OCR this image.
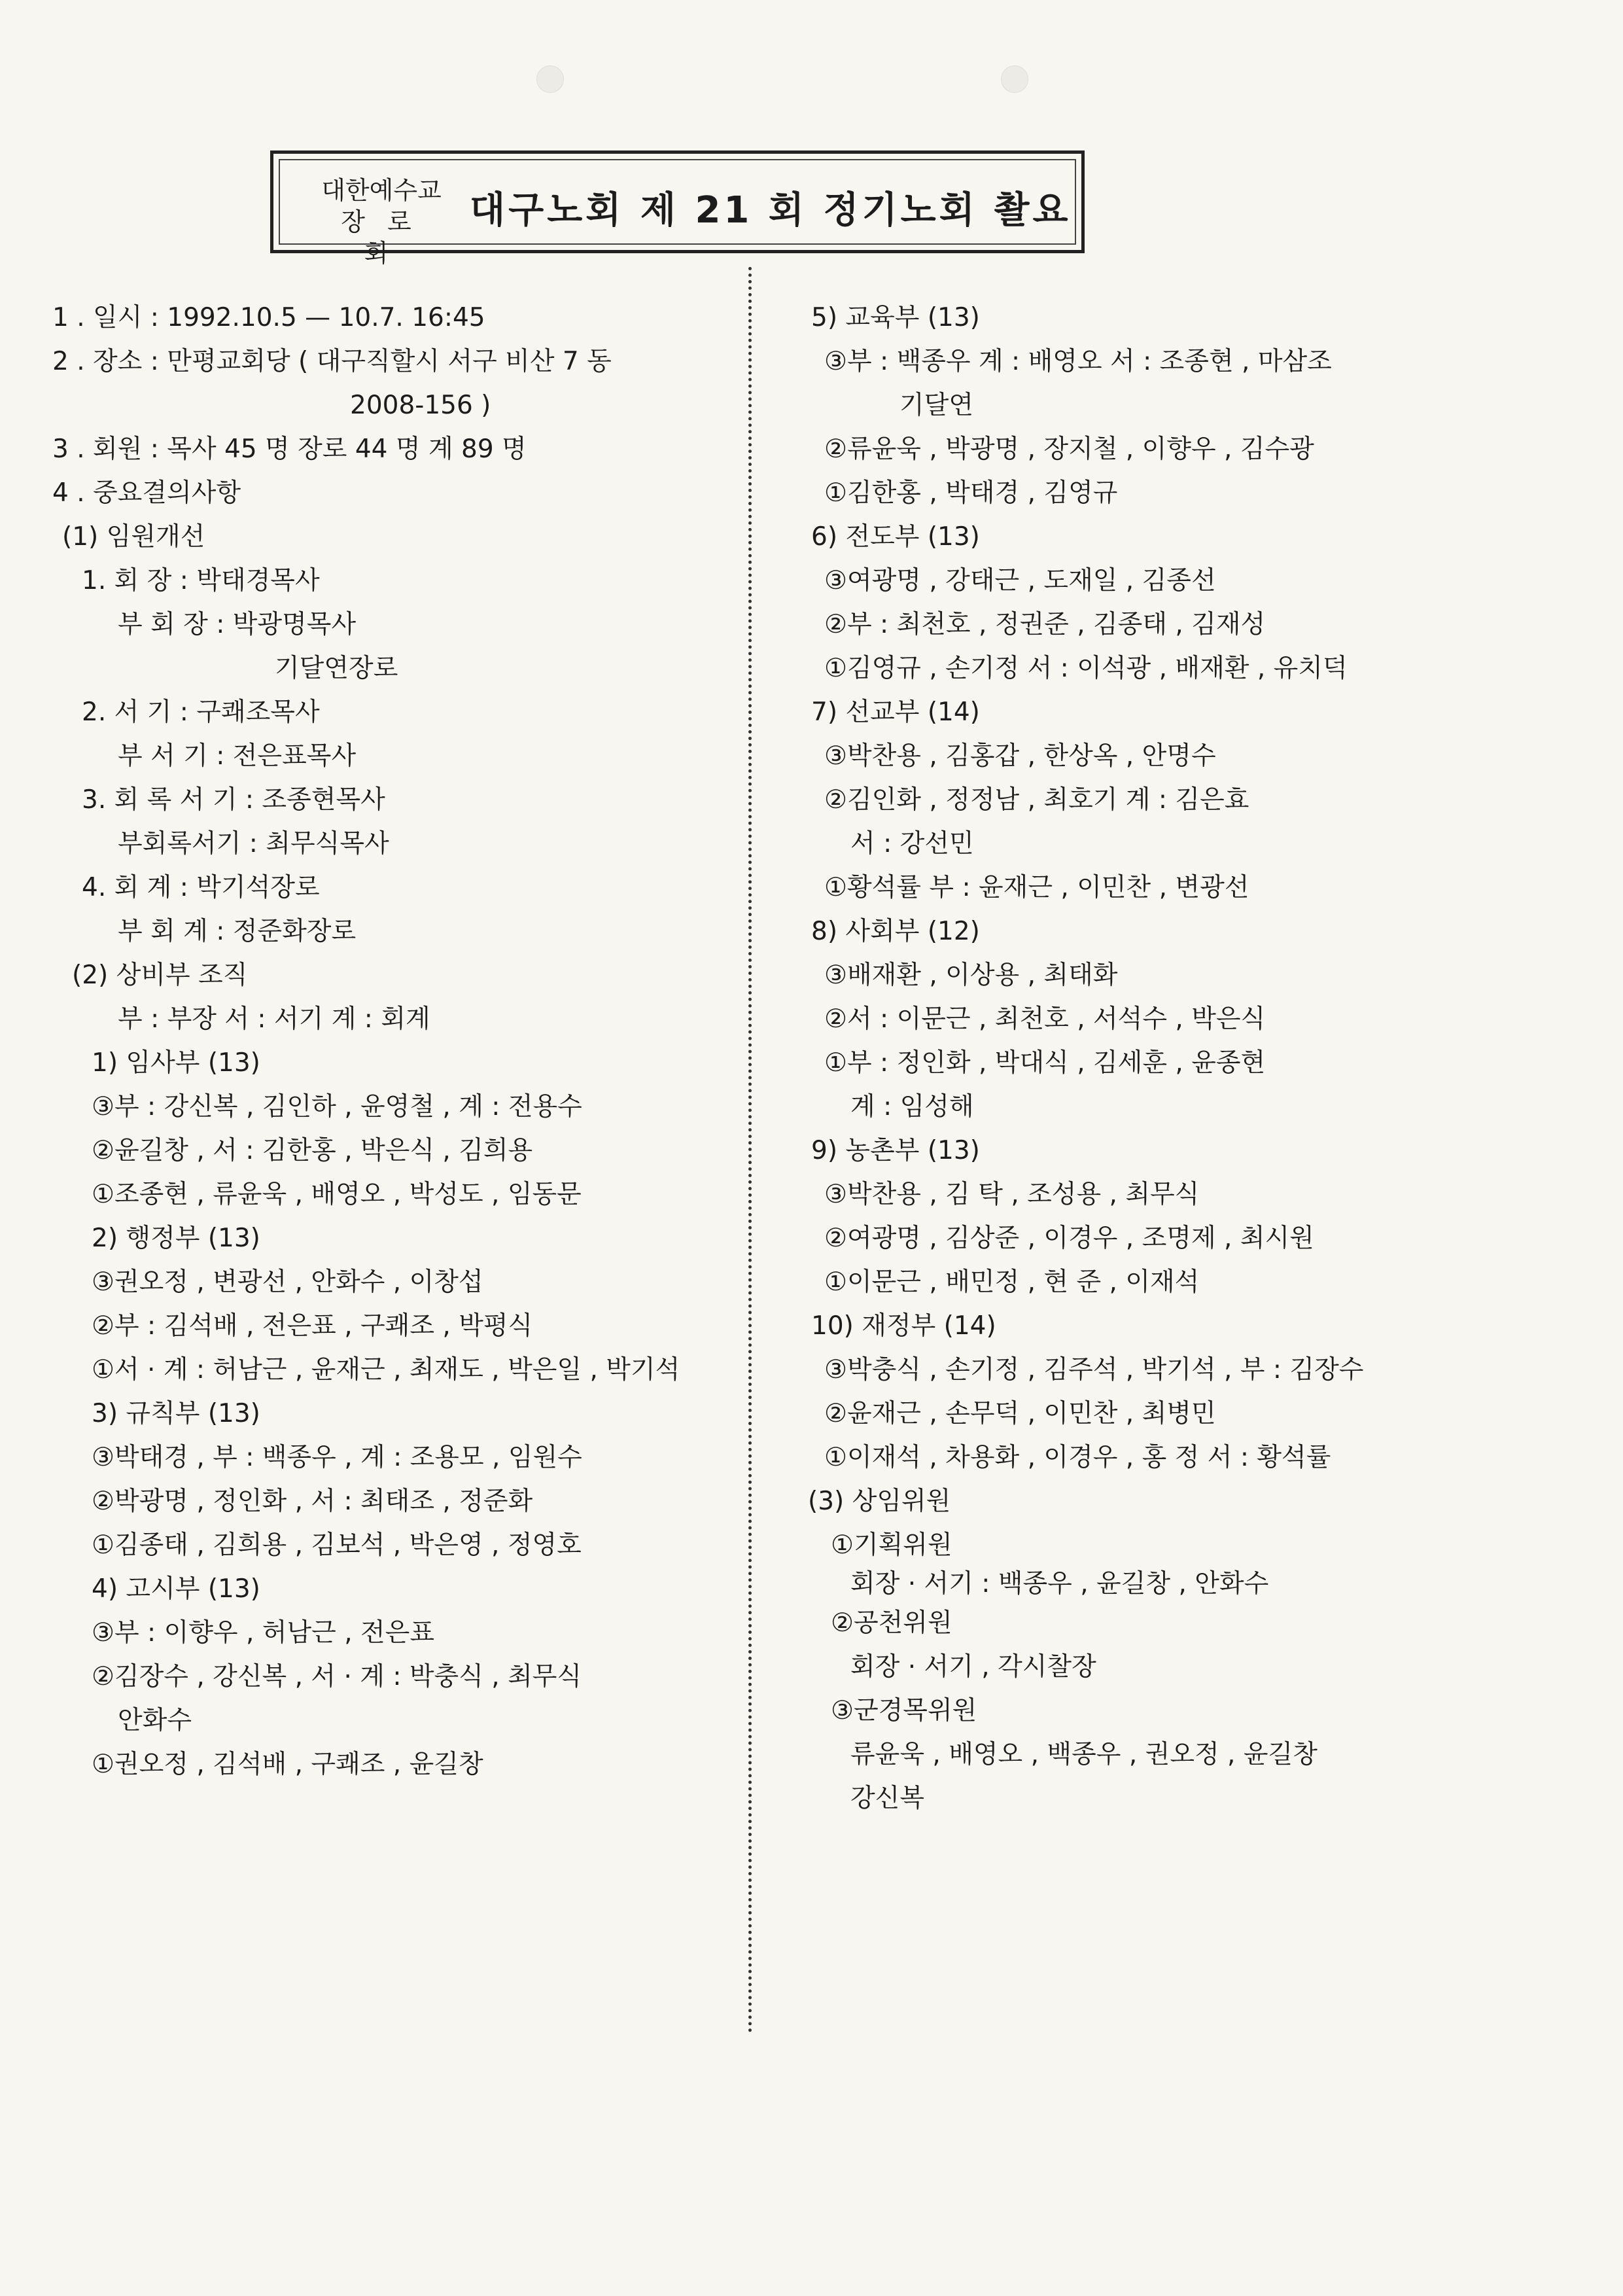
대한예수교
장로회
대구노회 제 21 회 정기노회 촬요
1 . 일시 : 1992.10.5 — 10.7. 16:45
2 . 장소 : 만평교회당 ( 대구직할시 서구 비산 7 동
2008-156 )
3 . 회원 : 목사 45 명 장로 44 명 계 89 명
4 . 중요결의사항
(1) 임원개선
1. 회 장 : 박태경목사
부 회 장 : 박광명목사
기달연장로
2. 서 기 : 구쾌조목사
부 서 기 : 전은표목사
3. 회 록 서 기 : 조종현목사
부회록서기 : 최무식목사
4. 회 계 : 박기석장로
부 회 계 : 정준화장로
(2) 상비부 조직
부 : 부장 서 : 서기 계 : 회계
1) 임사부 (13)
③부 : 강신복 , 김인하 , 윤영철 , 계 : 전용수
②윤길창 , 서 : 김한홍 , 박은식 , 김희용
①조종현 , 류윤욱 , 배영오 , 박성도 , 임동문
2) 행정부 (13)
③권오정 , 변광선 , 안화수 , 이창섭
②부 : 김석배 , 전은표 , 구쾌조 , 박평식
①서 · 계 : 허남근 , 윤재근 , 최재도 , 박은일 , 박기석
3) 규칙부 (13)
③박태경 , 부 : 백종우 , 계 : 조용모 , 임원수
②박광명 , 정인화 , 서 : 최태조 , 정준화
①김종태 , 김희용 , 김보석 , 박은영 , 정영호
4) 고시부 (13)
③부 : 이향우 , 허남근 , 전은표
②김장수 , 강신복 , 서 · 계 : 박충식 , 최무식
안화수
①권오정 , 김석배 , 구쾌조 , 윤길창
5) 교육부 (13)
③부 : 백종우 계 : 배영오 서 : 조종현 , 마삼조
기달연
②류윤욱 , 박광명 , 장지철 , 이향우 , 김수광
①김한홍 , 박태경 , 김영규
6) 전도부 (13)
③여광명 , 강태근 , 도재일 , 김종선
②부 : 최천호 , 정권준 , 김종태 , 김재성
①김영규 , 손기정 서 : 이석광 , 배재환 , 유치덕
7) 선교부 (14)
③박찬용 , 김홍갑 , 한상옥 , 안명수
②김인화 , 정정남 , 최호기 계 : 김은효
서 : 강선민
①황석률 부 : 윤재근 , 이민찬 , 변광선
8) 사회부 (12)
③배재환 , 이상용 , 최태화
②서 : 이문근 , 최천호 , 서석수 , 박은식
①부 : 정인화 , 박대식 , 김세훈 , 윤종현
계 : 임성해
9) 농촌부 (13)
③박찬용 , 김 탁 , 조성용 , 최무식
②여광명 , 김상준 , 이경우 , 조명제 , 최시원
①이문근 , 배민정 , 현 준 , 이재석
10) 재정부 (14)
③박충식 , 손기정 , 김주석 , 박기석 , 부 : 김장수
②윤재근 , 손무덕 , 이민찬 , 최병민
①이재석 , 차용화 , 이경우 , 홍 정 서 : 황석률
(3) 상임위원
①기획위원
회장 · 서기 : 백종우 , 윤길창 , 안화수
②공천위원
회장 · 서기 , 각시찰장
③군경목위원
류윤욱 , 배영오 , 백종우 , 권오정 , 윤길창
강신복
